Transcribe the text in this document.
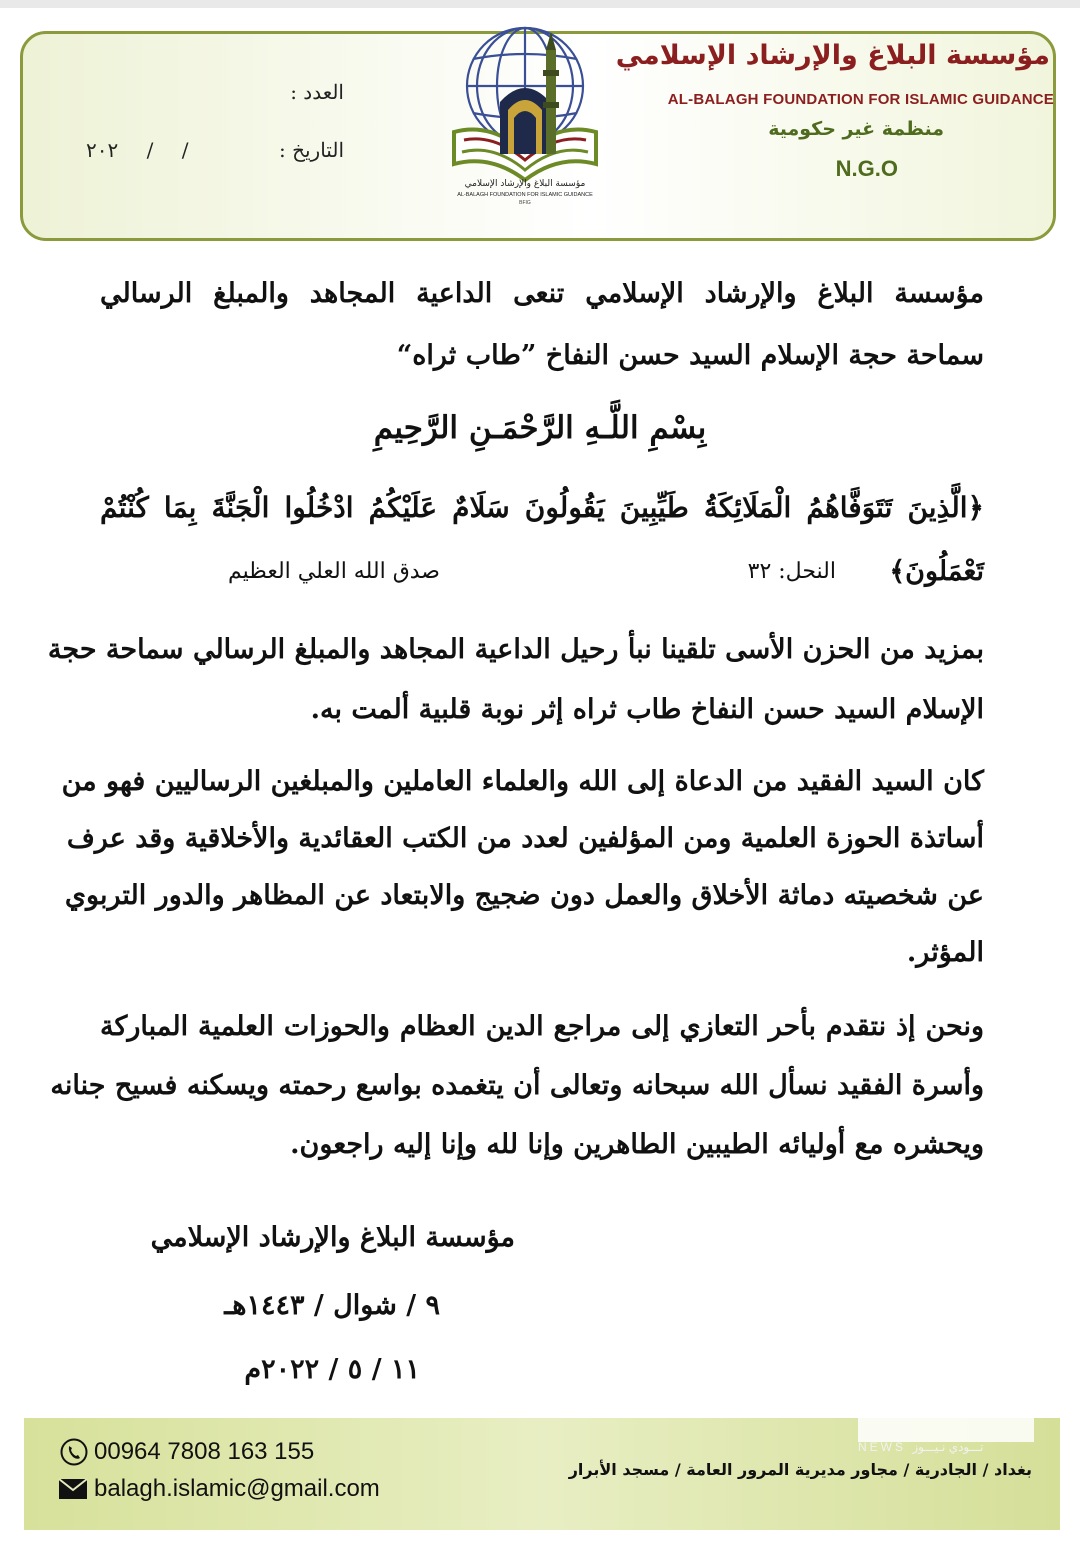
مؤسسة البلاغ والإرشاد الإسلامي
AL-BALAGH FOUNDATION FOR ISLAMIC GUIDANCE
منظمة غير حكومية
N.G.O
مؤسسة البلاغ والإرشاد الإسلامي
AL-BALAGH FOUNDATION FOR ISLAMIC GUIDANCE
BFIG
العدد :
التاريخ :
/ / ٢٠٢
مؤسسة البلاغ والإرشاد الإسلامي تنعى الداعية المجاهد والمبلغ الرسالي
سماحة حجة الإسلام السيد حسن النفاخ ”طاب ثراه“
بِسْمِ اللَّـهِ الرَّحْمَـنِ الرَّحِيمِ
﴿الَّذِينَ تَتَوَفَّاهُمُ الْمَلَائِكَةُ طَيِّبِينَ يَقُولُونَ سَلَامٌ عَلَيْكُمُ ادْخُلُوا الْجَنَّةَ بِمَا كُنْتُمْ
تَعْمَلُونَ﴾
النحل: ٣٢
صدق الله العلي العظيم
بمزيد من الحزن الأسى تلقينا نبأ رحيل الداعية المجاهد والمبلغ الرسالي سماحة حجة
الإسلام السيد حسن النفاخ طاب ثراه إثر نوبة قلبية ألمت به.
كان السيد الفقيد من الدعاة إلى الله والعلماء العاملين والمبلغين الرساليين فهو من
أساتذة الحوزة العلمية ومن المؤلفين لعدد من الكتب العقائدية والأخلاقية وقد عرف
عن شخصيته دماثة الأخلاق والعمل دون ضجيج والابتعاد عن المظاهر والدور التربوي
المؤثر.
ونحن إذ نتقدم بأحر التعازي إلى مراجع الدين العظام والحوزات العلمية المباركة
وأسرة الفقيد نسأل الله سبحانه وتعالى أن يتغمده بواسع رحمته ويسكنه فسيح جنانه
ويحشره مع أوليائه الطيبين الطاهرين وإنا لله وإنا إليه راجعون.
مؤسسة البلاغ والإرشاد الإسلامي
٩ / شوال / ١٤٤٣هـ
١١ / ٥ / ٢٠٢٢م
NEWS تـــودي نـيـــوز
00964 7808 163 155
balagh.islamic@gmail.com
بغداد / الجادرية / مجاور مديرية المرور العامة / مسجد الأبرار
